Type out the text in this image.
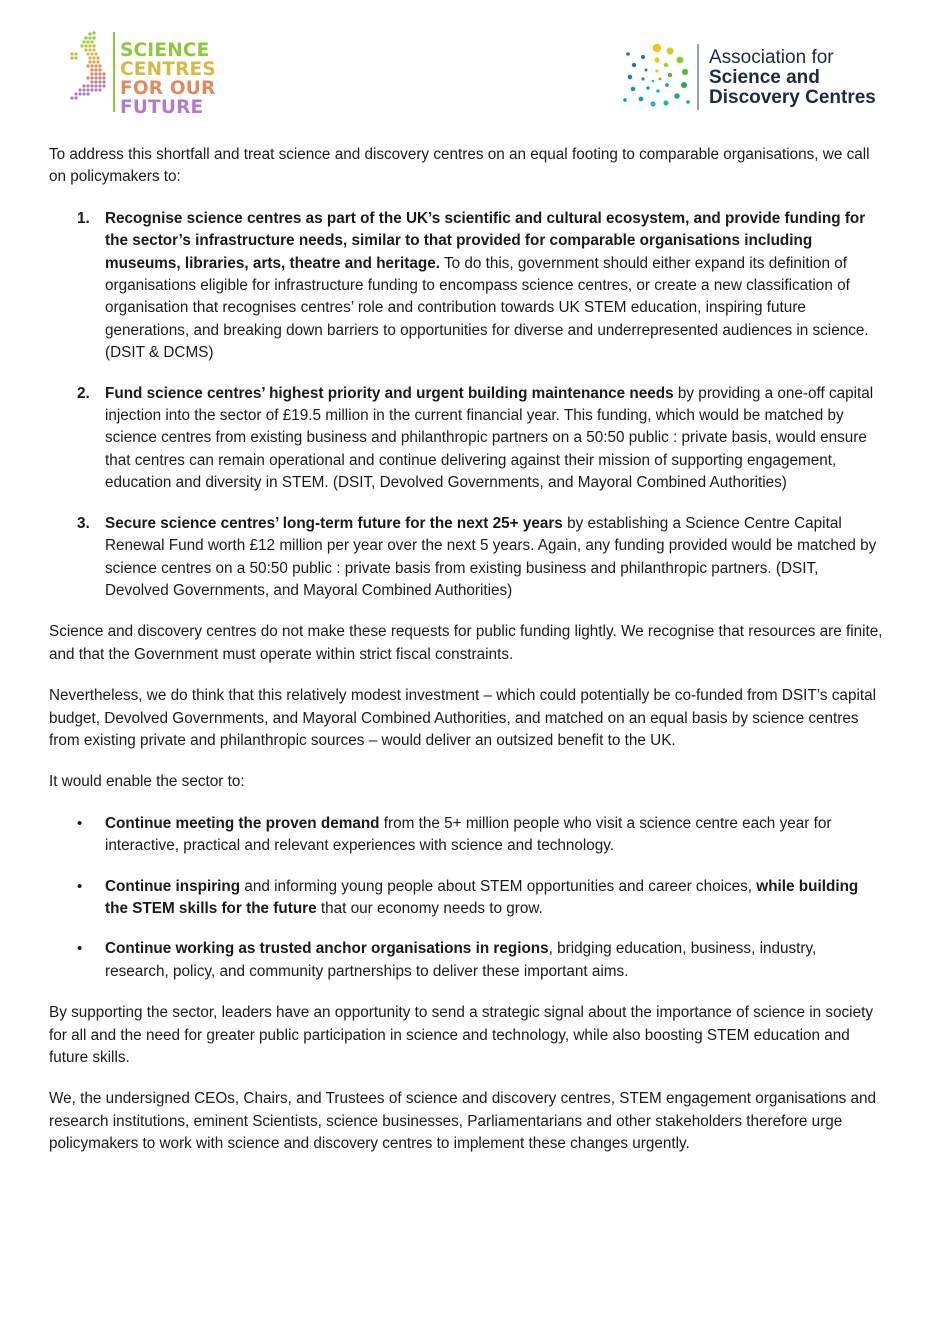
SCIENCE
CENTRES
FOR OUR
FUTURE
Association for
Science and
Discovery Centres

To address this shortfall and treat science and discovery centres on an equal footing to comparable organisations, we call on policymakers to:

1. Recognise science centres as part of the UK’s scientific and cultural ecosystem, and provide funding for the sector’s infrastructure needs, similar to that provided for comparable organisations including museums, libraries, arts, theatre and heritage. To do this, government should either expand its definition of organisations eligible for infrastructure funding to encompass science centres, or create a new classification of organisation that recognises centres’ role and contribution towards UK STEM education, inspiring future generations, and breaking down barriers to opportunities for diverse and underrepresented audiences in science. (DSIT & DCMS)
2. Fund science centres’ highest priority and urgent building maintenance needs by providing a one-off capital injection into the sector of £19.5 million in the current financial year. This funding, which would be matched by science centres from existing business and philanthropic partners on a 50:50 public : private basis, would ensure that centres can remain operational and continue delivering against their mission of supporting engagement, education and diversity in STEM. (DSIT, Devolved Governments, and Mayoral Combined Authorities)
3. Secure science centres’ long-term future for the next 25+ years by establishing a Science Centre Capital Renewal Fund worth £12 million per year over the next 5 years. Again, any funding provided would be matched by science centres on a 50:50 public : private basis from existing business and philanthropic partners. (DSIT, Devolved Governments, and Mayoral Combined Authorities)

Science and discovery centres do not make these requests for public funding lightly. We recognise that resources are finite, and that the Government must operate within strict fiscal constraints.

Nevertheless, we do think that this relatively modest investment – which could potentially be co-funded from DSIT’s capital budget, Devolved Governments, and Mayoral Combined Authorities, and matched on an equal basis by science centres from existing private and philanthropic sources – would deliver an outsized benefit to the UK.

It would enable the sector to:

• Continue meeting the proven demand from the 5+ million people who visit a science centre each year for interactive, practical and relevant experiences with science and technology.
• Continue inspiring and informing young people about STEM opportunities and career choices, while building the STEM skills for the future that our economy needs to grow.
• Continue working as trusted anchor organisations in regions, bridging education, business, industry, research, policy, and community partnerships to deliver these important aims.

By supporting the sector, leaders have an opportunity to send a strategic signal about the importance of science in society for all and the need for greater public participation in science and technology, while also boosting STEM education and future skills.

We, the undersigned CEOs, Chairs, and Trustees of science and discovery centres, STEM engagement organisations and research institutions, eminent Scientists, science businesses, Parliamentarians and other stakeholders therefore urge policymakers to work with science and discovery centres to implement these changes urgently.
